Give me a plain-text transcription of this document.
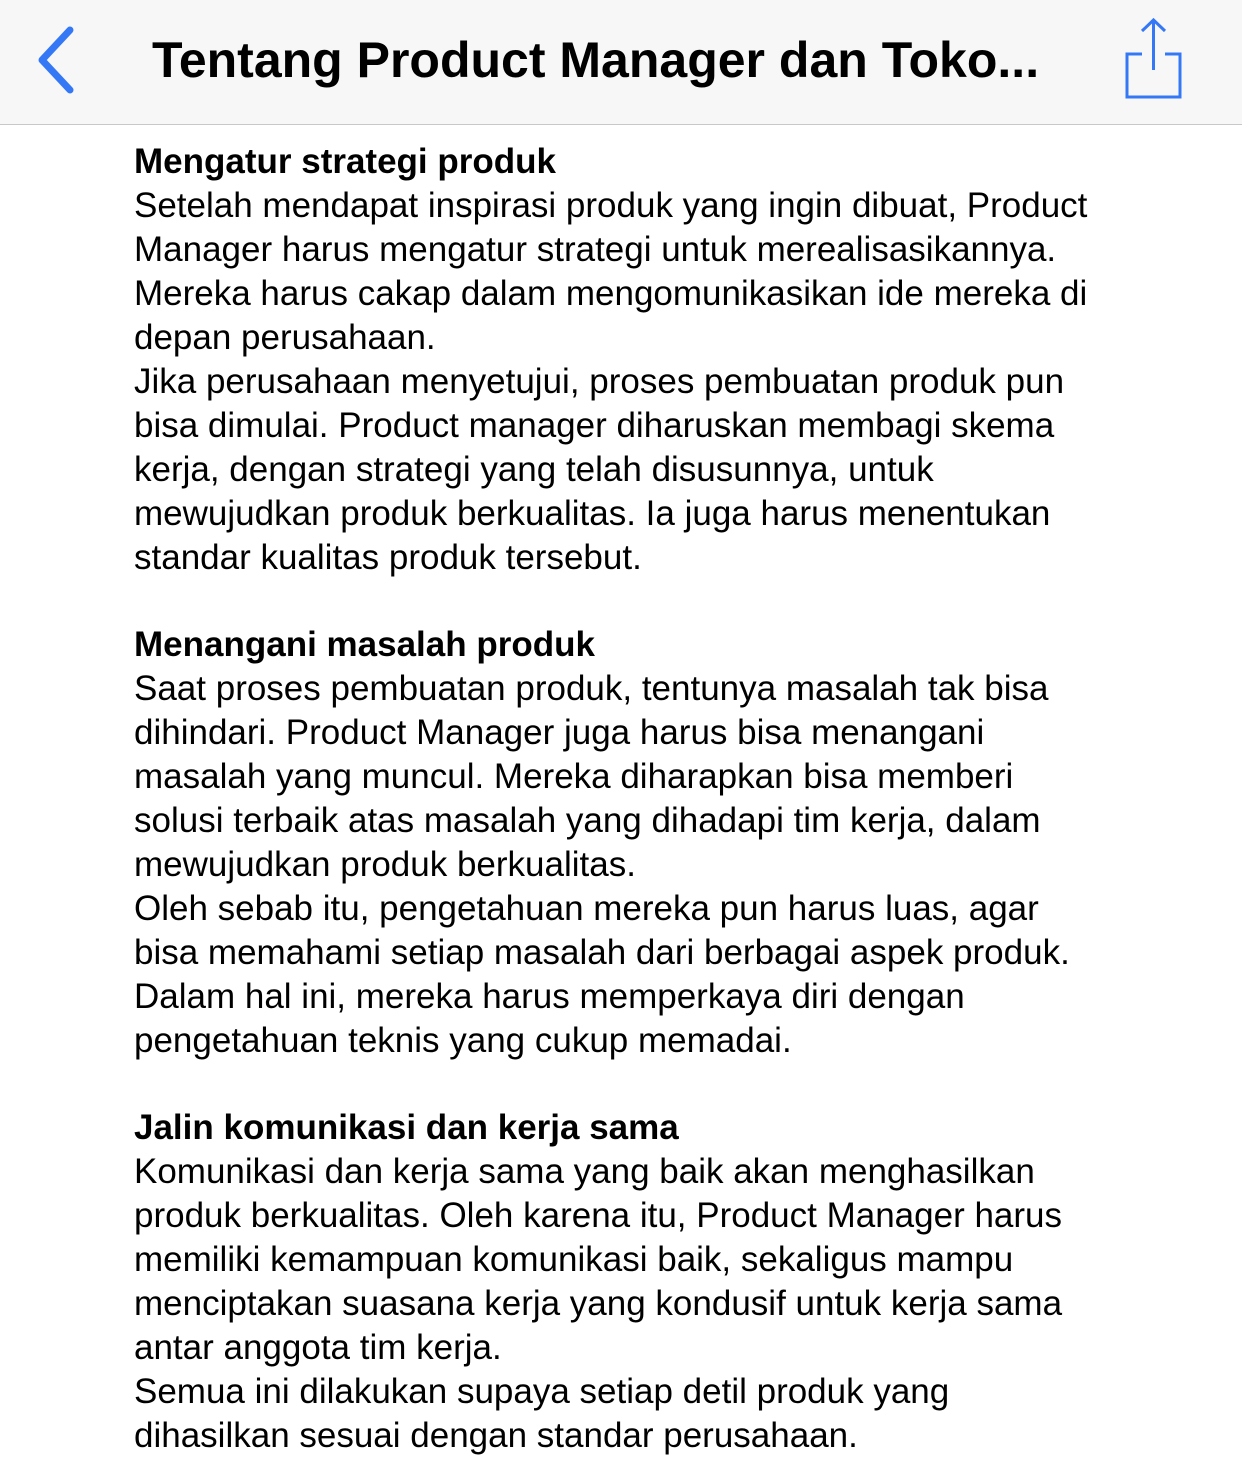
Tentang Product Manager dan Toko...
Mengatur strategi produk
Setelah mendapat inspirasi produk yang ingin dibuat, Product
Manager harus mengatur strategi untuk merealisasikannya.
Mereka harus cakap dalam mengomunikasikan ide mereka di
depan perusahaan.
Jika perusahaan menyetujui, proses pembuatan produk pun
bisa dimulai. Product manager diharuskan membagi skema
kerja, dengan strategi yang telah disusunnya, untuk
mewujudkan produk berkualitas. Ia juga harus menentukan
standar kualitas produk tersebut.
Menangani masalah produk
Saat proses pembuatan produk, tentunya masalah tak bisa
dihindari. Product Manager juga harus bisa menangani
masalah yang muncul. Mereka diharapkan bisa memberi
solusi terbaik atas masalah yang dihadapi tim kerja, dalam
mewujudkan produk berkualitas.
Oleh sebab itu, pengetahuan mereka pun harus luas, agar
bisa memahami setiap masalah dari berbagai aspek produk.
Dalam hal ini, mereka harus memperkaya diri dengan
pengetahuan teknis yang cukup memadai.
Jalin komunikasi dan kerja sama
Komunikasi dan kerja sama yang baik akan menghasilkan
produk berkualitas. Oleh karena itu, Product Manager harus
memiliki kemampuan komunikasi baik, sekaligus mampu
menciptakan suasana kerja yang kondusif untuk kerja sama
antar anggota tim kerja.
Semua ini dilakukan supaya setiap detil produk yang
dihasilkan sesuai dengan standar perusahaan.
